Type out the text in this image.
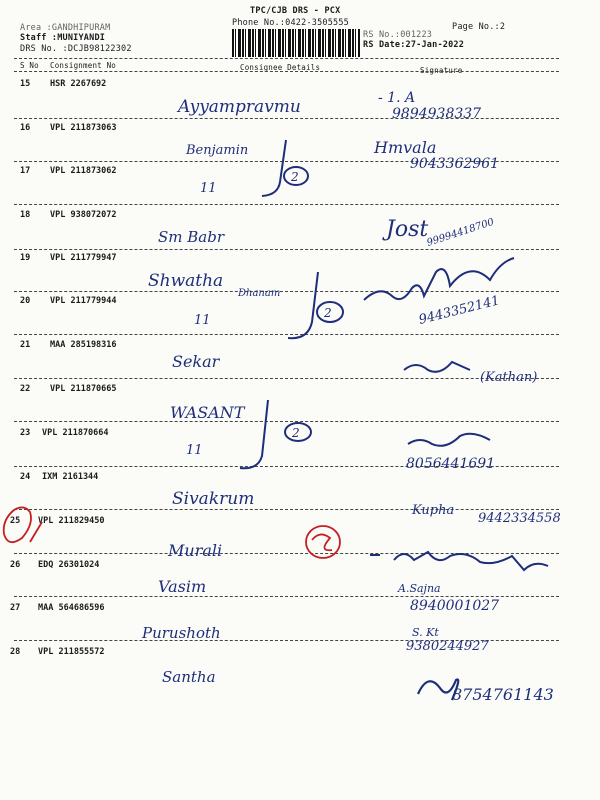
TPC/CJB DRS - PCX
Phone No.:0422-3505555
Area :GANDHIPURAM
Staff :MUNIYANDI
DRS No. :DCJB98122302
RS No.:001223
RS Date:27-Jan-2022
Page No.:2
S No Consignment No	Consignee Details	Signature
15 HSR 2267692
16 VPL 211873063
17 VPL 211873062
18 VPL 938072072
19 VPL 211779947
20 VPL 211779944
21 MAA 285198316
22 VPL 211870665
23 VPL 211870664
24 IXM 2161344
25 VPL 211829450
26 EDQ 26301024
27 MAA 564686596
28 VPL 211855572
Ayyampravmu
Benjamin
11
Sm Babr
Shwatha
Dhanam
11
Sekar
WASANT
11
Sivakrum
Murali
Vasim
Purushoth
Santha
2
2
2
- 1. A
9894938337
Hmvala
9043362961
Jost
99994418700
9443352141
(Kathan)
8056441691
Kupha
9442334558
A.Sajna
8940001027
S. Kt
9380244927
8754761143
